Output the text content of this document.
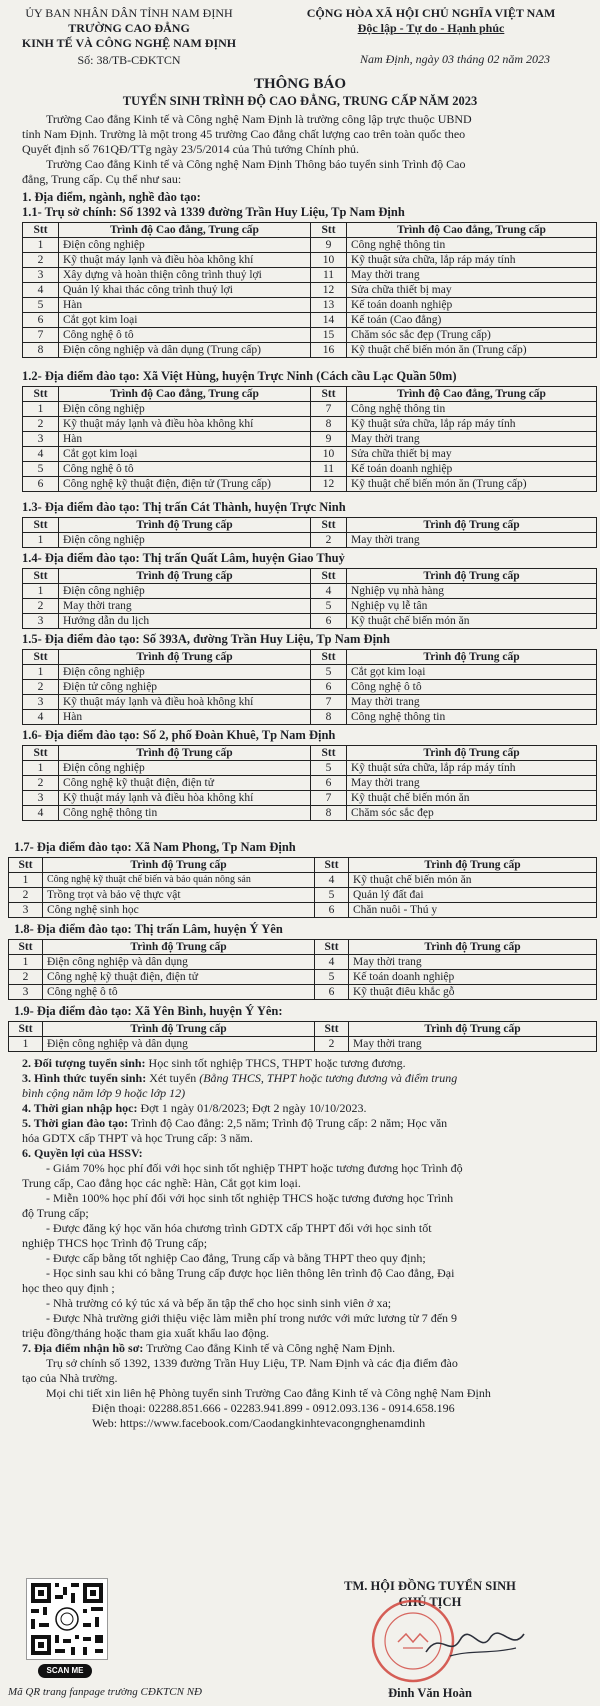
ỦY BAN NHÂN DÂN TỈNH NAM ĐỊNH
TRƯỜNG CAO ĐẲNG
KINH TẾ VÀ CÔNG NGHỆ NAM ĐỊNH
Số: 38/TB-CĐKTCN
CỘNG HÒA XÃ HỘI CHỦ NGHĨA VIỆT NAM
Độc lập - Tự do - Hạnh phúc
Nam Định, ngày 03 tháng 02 năm 2023
THÔNG BÁO
TUYỂN SINH TRÌNH ĐỘ CAO ĐẲNG, TRUNG CẤP NĂM 2023
Trường Cao đẳng Kinh tế và Công nghệ Nam Định là trường công lập trực thuộc UBND
tỉnh Nam Định. Trường là một trong 45 trường Cao đẳng chất lượng cao trên toàn quốc theo
Quyết định số 761QĐ/TTg ngày 23/5/2014 của Thủ tướng Chính phủ.
Trường Cao đẳng Kinh tế và Công nghệ Nam Định Thông báo tuyển sinh Trình độ Cao
đẳng, Trung cấp. Cụ thể như sau:
1. Địa điểm, ngành, nghề đào tạo:
1.1- Trụ sở chính: Số 1392 và 1339 đường Trần Huy Liệu, Tp Nam Định
Stt	Trình độ Cao đẳng, Trung cấp	Stt	Trình độ Cao đẳng, Trung cấp
1	Điện công nghiệp	9	Công nghệ thông tin
2	Kỹ thuật máy lạnh và điều hòa không khí	10	Kỹ thuật sửa chữa, lắp ráp máy tính
3	Xây dựng và hoàn thiện công trình thuỷ lợi	11	May thời trang
4	Quản lý khai thác công trình thuỷ lợi	12	Sửa chữa thiết bị may
5	Hàn	13	Kế toán doanh nghiệp
6	Cắt gọt kim loại	14	Kế toán (Cao đẳng)
7	Công nghệ ô tô	15	Chăm sóc sắc đẹp (Trung cấp)
8	Điện công nghiệp và dân dụng (Trung cấp)	16	Kỹ thuật chế biến món ăn (Trung cấp)
1.2- Địa điểm đào tạo: Xã Việt Hùng, huyện Trực Ninh (Cách cầu Lạc Quần 50m)
Stt	Trình độ Cao đẳng, Trung cấp	Stt	Trình độ Cao đẳng, Trung cấp
1	Điện công nghiệp	7	Công nghệ thông tin
2	Kỹ thuật máy lạnh và điều hòa không khí	8	Kỹ thuật sửa chữa, lắp ráp máy tính
3	Hàn	9	May thời trang
4	Cắt gọt kim loại	10	Sửa chữa thiết bị may
5	Công nghệ ô tô	11	Kế toán doanh nghiệp
6	Công nghệ kỹ thuật điện, điện tử (Trung cấp)	12	Kỹ thuật chế biến món ăn (Trung cấp)
1.3- Địa điểm đào tạo: Thị trấn Cát Thành, huyện Trực Ninh
Stt	Trình độ Trung cấp	Stt	Trình độ Trung cấp
1	Điện công nghiệp	2	May thời trang
1.4- Địa điểm đào tạo: Thị trấn Quất Lâm, huyện Giao Thuỷ
Stt	Trình độ Trung cấp	Stt	Trình độ Trung cấp
1	Điện công nghiệp	4	Nghiệp vụ nhà hàng
2	May thời trang	5	Nghiệp vụ lễ tân
3	Hướng dẫn du lịch	6	Kỹ thuật chế biến món ăn
1.5- Địa điểm đào tạo: Số 393A, đường Trần Huy Liệu, Tp Nam Định
Stt	Trình độ Trung cấp	Stt	Trình độ Trung cấp
1	Điện công nghiệp	5	Cắt gọt kim loại
2	Điện tử công nghiệp	6	Công nghệ ô tô
3	Kỹ thuật máy lạnh và điều hoà không khí	7	May thời trang
4	Hàn	8	Công nghệ thông tin
1.6- Địa điểm đào tạo: Số 2, phố Đoàn Khuê, Tp Nam Định
Stt	Trình độ Trung cấp	Stt	Trình độ Trung cấp
1	Điện công nghiệp	5	Kỹ thuật sửa chữa, lắp ráp máy tính
2	Công nghệ kỹ thuật điện, điện tử	6	May thời trang
3	Kỹ thuật máy lạnh và điều hòa không khí	7	Kỹ thuật chế biến món ăn
4	Công nghệ thông tin	8	Chăm sóc sắc đẹp
1.7- Địa điểm đào tạo: Xã Nam Phong, Tp Nam Định
Stt	Trình độ Trung cấp	Stt	Trình độ Trung cấp
1	Công nghệ kỹ thuật chế biến và bảo quản nông sản	4	Kỹ thuật chế biến món ăn
2	Trồng trọt và bảo vệ thực vật	5	Quản lý đất đai
3	Công nghệ sinh học	6	Chăn nuôi - Thú y
1.8- Địa điểm đào tạo: Thị trấn Lâm, huyện Ý Yên
Stt	Trình độ Trung cấp	Stt	Trình độ Trung cấp
1	Điện công nghiệp và dân dụng	4	May thời trang
2	Công nghệ kỹ thuật điện, điện tử	5	Kế toán doanh nghiệp
3	Công nghệ ô tô	6	Kỹ thuật điêu khắc gỗ
1.9- Địa điểm đào tạo: Xã Yên Bình, huyện Ý Yên:
Stt	Trình độ Trung cấp	Stt	Trình độ Trung cấp
1	Điện công nghiệp và dân dụng	2	May thời trang
2. Đối tượng tuyển sinh: Học sinh tốt nghiệp THCS, THPT hoặc tương đương.
3. Hình thức tuyển sinh: Xét tuyển (Bằng THCS, THPT hoặc tương đương và điểm trung
bình cộng năm lớp 9 hoặc lớp 12)
4. Thời gian nhập học: Đợt 1 ngày 01/8/2023; Đợt 2 ngày 10/10/2023.
5. Thời gian đào tạo: Trình độ Cao đẳng: 2,5 năm; Trình độ Trung cấp: 2 năm; Học văn
hóa GDTX cấp THPT và học Trung cấp: 3 năm.
6. Quyền lợi của HSSV:
- Giảm 70% học phí đối với học sinh tốt nghiệp THPT hoặc tương đương học Trình độ
Trung cấp, Cao đẳng học các nghề: Hàn, Cắt gọt kim loại.
- Miễn 100% học phí đối với học sinh tốt nghiệp THCS hoặc tương đương học Trình
độ Trung cấp;
- Được đăng ký học văn hóa chương trình GDTX cấp THPT đối với học sinh tốt
nghiệp THCS học Trình độ Trung cấp;
- Được cấp bằng tốt nghiệp Cao đẳng, Trung cấp và bằng THPT theo quy định;
- Học sinh sau khi có bằng Trung cấp được học liên thông lên trình độ Cao đẳng, Đại
học theo quy định ;
- Nhà trường có ký túc xá và bếp ăn tập thể cho học sinh sinh viên ở xa;
- Được Nhà trường giới thiệu việc làm miễn phí trong nước với mức lương từ 7 đến 9
triệu đồng/tháng hoặc tham gia xuất khẩu lao động.
7. Địa điểm nhận hồ sơ: Trường Cao đẳng Kinh tế và Công nghệ Nam Định.
Trụ sở chính số 1392, 1339 đường Trần Huy Liệu, TP. Nam Định và các địa điểm đào
tạo của Nhà trường.
Mọi chi tiết xin liên hệ Phòng tuyển sinh Trường Cao đẳng Kinh tế và Công nghệ Nam Định
Điện thoại: 02288.851.666 - 02283.941.899 - 0912.093.136 - 0914.658.196
Web: https://www.facebook.com/Caodangkinhtevacongnghenamdinh
SCAN ME
Mã QR trang fanpage trường CĐKTCN NĐ
TM. HỘI ĐỒNG TUYỂN SINH
CHỦ TỊCH
Đinh Văn Hoàn
